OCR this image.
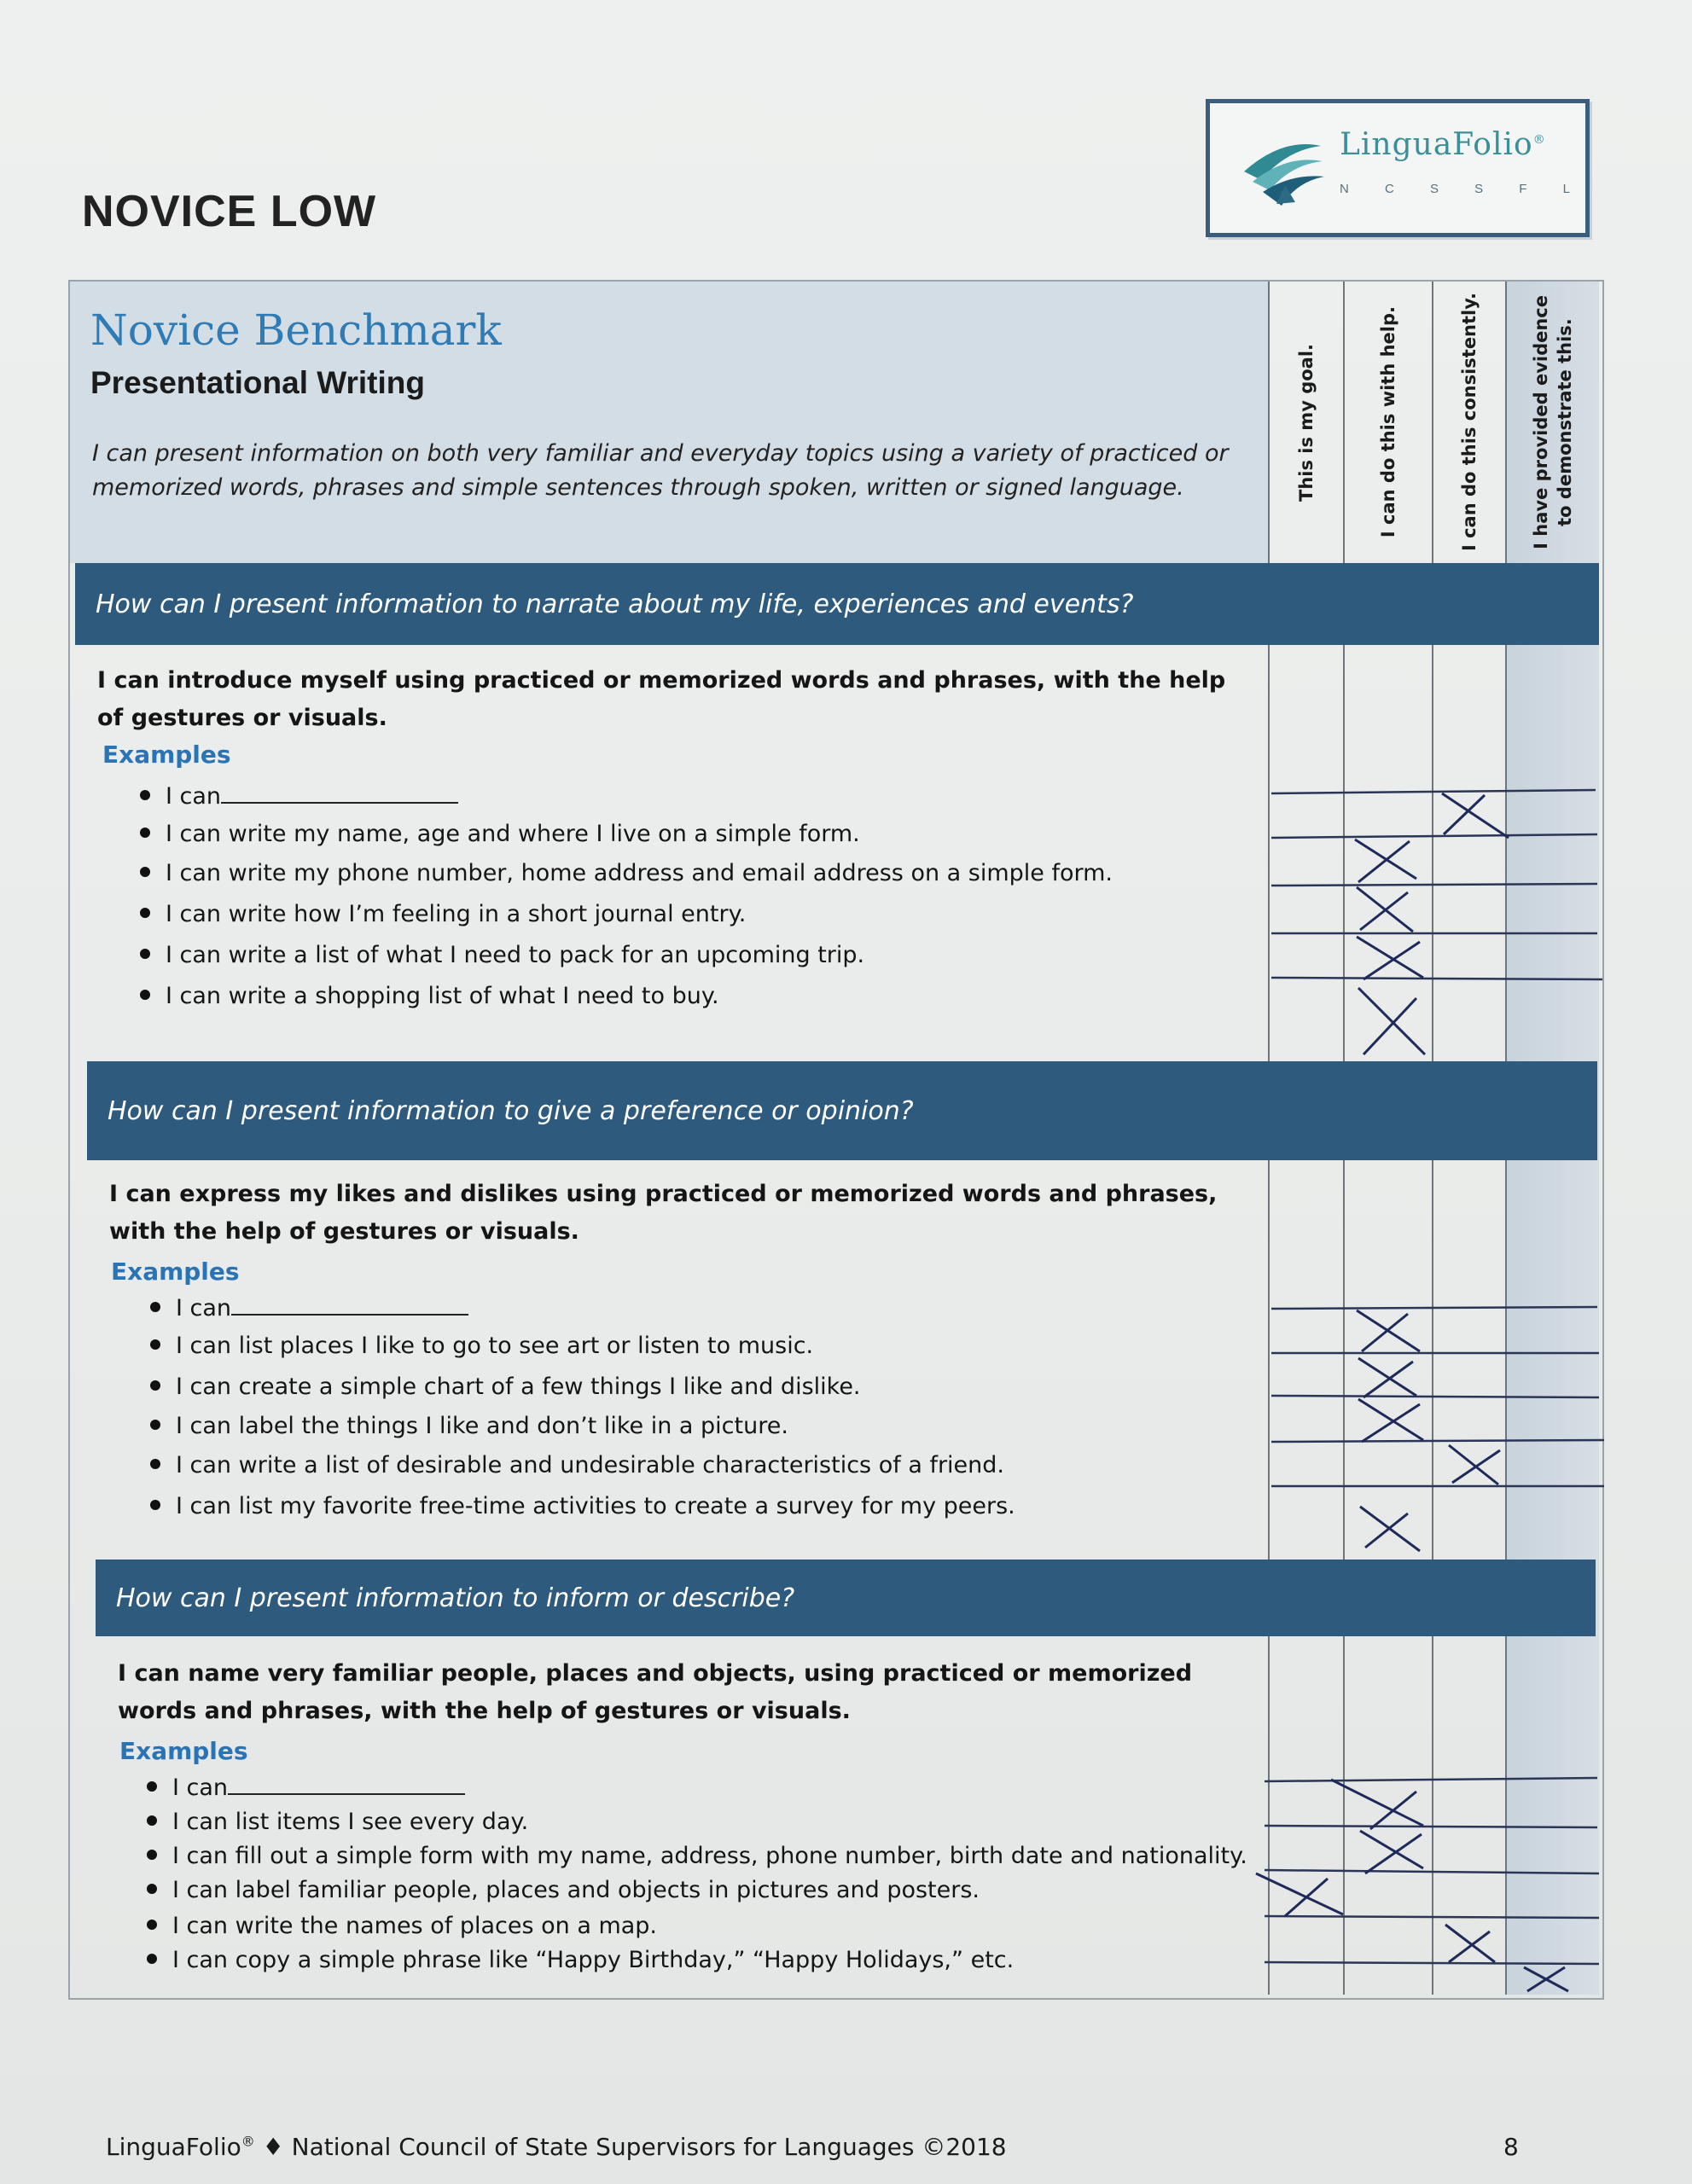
NOVICE LOW
LinguaFolio®
N	C	S	S	F	L
Novice Benchmark
Presentational Writing
I can present information on both very familiar and everyday topics using a variety of practiced or memorized words, phrases and simple sentences through spoken, written or signed language.	This is my goal.	I can do this with help.	I can do this consistently.	I have provided evidence
to demonstrate this.
How can I present information to narrate about my life, experiences and events?
I can introduce myself using practiced or memorized words and phrases, with the help of gestures or visuals.
Examples
I can
I can write my name, age and where I live on a simple form.
I can write my phone number, home address and email address on a simple form.
I can write how I’m feeling in a short journal entry.
I can write a list of what I need to pack for an upcoming trip.
I can write a shopping list of what I need to buy.
How can I present information to give a preference or opinion?
I can express my likes and dislikes using practiced or memorized words and phrases, with the help of gestures or visuals.
Examples
I can
I can list places I like to go to see art or listen to music.
I can create a simple chart of a few things I like and dislike.
I can label the things I like and don’t like in a picture.
I can write a list of desirable and undesirable characteristics of a friend.
I can list my favorite free-time activities to create a survey for my peers.
How can I present information to inform or describe?
I can name very familiar people, places and objects, using practiced or memorized words and phrases, with the help of gestures or visuals.
Examples
I can
I can list items I see every day.
I can fill out a simple form with my name, address, phone number, birth date and nationality.
I can label familiar people, places and objects in pictures and posters.
I can write the names of places on a map.
I can copy a simple phrase like “Happy Birthday,” “Happy Holidays,” etc.
LinguaFolio® ♦ National Council of State Supervisors for Languages ©2018	8
